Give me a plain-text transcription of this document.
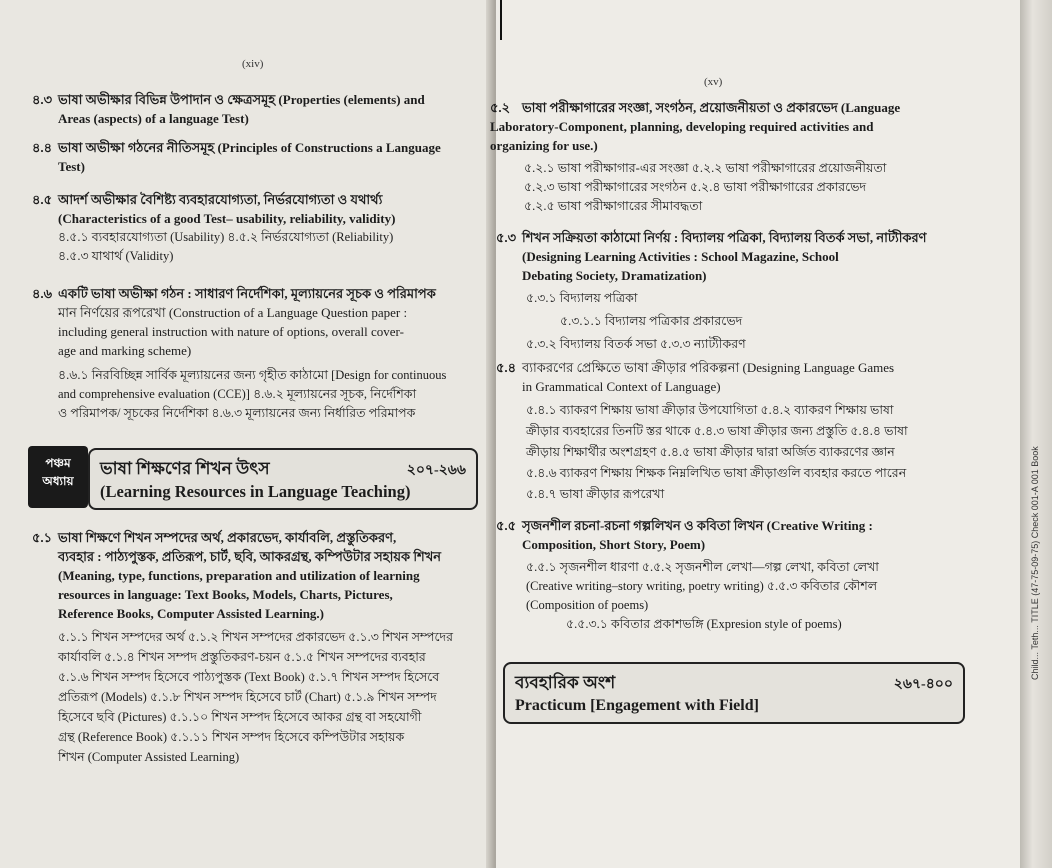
(xiv)
৪.৩ ভাষা অভীক্ষার বিভিন্ন উপাদান ও ক্ষেত্রসমূহ (Properties (elements) and
Areas (aspects) of a language Test)
৪.৪ ভাষা অভীক্ষা গঠনের নীতিসমূহ (Principles of Constructions a Language
Test)
৪.৫ আদর্শ অভীক্ষার বৈশিষ্ট্য ব্যবহারযোগ্যতা, নির্ভরযোগ্যতা ও যথার্থ্য
(Characteristics of a good Test– usability, reliability, validity)
৪.৫.১ ব্যবহারযোগ্যতা (Usability) ৪.৫.২ নির্ভরযোগ্যতা (Reliability)
৪.৫.৩ যাথার্থ (Validity)
৪.৬ একটি ভাষা অভীক্ষা গঠন : সাধারণ নির্দেশিকা, মূল্যায়নের সূচক ও পরিমাপক
মান নির্ণয়ের রূপরেখা (Construction of a Language Question paper :
including general instruction with nature of options, overall cover-
age and marking scheme)
৪.৬.১ নিরবিচ্ছিন্ন সার্বিক মূল্যায়নের জন্য গৃহীত কাঠামো [Design for continuous
and comprehensive evaluation (CCE)] ৪.৬.২ মূল্যায়নের সূচক, নির্দেশিকা
ও পরিমাপক/ সূচকের নির্দেশিকা ৪.৬.৩ মূল্যায়নের জন্য নির্ধারিত পরিমাপক
পঞ্চম
অধ্যায়
ভাষা শিক্ষণের শিখন উৎস	২০৭-২৬৬
(Learning Resources in Language Teaching)
৫.১ ভাষা শিক্ষণে শিখন সম্পদের অর্থ, প্রকারভেদ, কার্যাবলি, প্রস্তুতিকরণ,
ব্যবহার : পাঠ্যপুস্তক, প্রতিরূপ, চার্ট, ছবি, আকরগ্রন্থ, কম্পিউটার সহায়ক শিখন
(Meaning, type, functions, preparation and utilization of learning
resources in language: Text Books, Models, Charts, Pictures,
Reference Books, Computer Assisted Learning.)
৫.১.১ শিখন সম্পদের অর্থ ৫.১.২ শিখন সম্পদের প্রকারভেদ ৫.১.৩ শিখন সম্পদের
কার্যাবলি ৫.১.৪ শিখন সম্পদ প্রস্তুতিকরণ-চয়ন ৫.১.৫ শিখন সম্পদের ব্যবহার
৫.১.৬ শিখন সম্পদ হিসেবে পাঠ্যপুস্তক (Text Book) ৫.১.৭ শিখন সম্পদ হিসেবে
প্রতিরূপ (Models) ৫.১.৮ শিখন সম্পদ হিসেবে চার্ট (Chart) ৫.১.৯ শিখন সম্পদ
হিসেবে ছবি (Pictures) ৫.১.১০ শিখন সম্পদ হিসেবে আকর গ্রন্থ বা সহযোগী
গ্রন্থ (Reference Book) ৫.১.১১ শিখন সম্পদ হিসেবে কম্পিউটার সহায়ক
শিখন (Computer Assisted Learning)
(xv)
৫.২ ভাষা পরীক্ষাগারের সংজ্ঞা, সংগঠন, প্রয়োজনীয়তা ও প্রকারভেদ (Language
Laboratory-Component, planning, developing required activities and
organizing for use.)
৫.২.১ ভাষা পরীক্ষাগার-এর সংজ্ঞা ৫.২.২ ভাষা পরীক্ষাগারের প্রয়োজনীয়তা
৫.২.৩ ভাষা পরীক্ষাগারের সংগঠন ৫.২.৪ ভাষা পরীক্ষাগারের প্রকারভেদ
৫.২.৫ ভাষা পরীক্ষাগারের সীমাবদ্ধতা
৫.৩ শিখন সক্রিয়তা কাঠামো নির্ণয় : বিদ্যালয় পত্রিকা, বিদ্যালয় বিতর্ক সভা, নাট্যীকরণ
(Designing Learning Activities : School Magazine, School
Debating Society, Dramatization)
৫.৩.১ বিদ্যালয় পত্রিকা
৫.৩.১.১ বিদ্যালয় পত্রিকার প্রকারভেদ
৫.৩.২ বিদ্যালয় বিতর্ক সভা ৫.৩.৩ ন্যাট্যীকরণ
৫.৪ ব্যাকরণের প্রেক্ষিতে ভাষা ক্রীড়ার পরিকল্পনা (Designing Language Games
in Grammatical Context of Language)
৫.৪.১ ব্যাকরণ শিক্ষায় ভাষা ক্রীড়ার উপযোগিতা ৫.৪.২ ব্যাকরণ শিক্ষায় ভাষা
ক্রীড়ার ব্যবহারের তিনটি স্তর থাকে ৫.৪.৩ ভাষা ক্রীড়ার জন্য প্রস্তুতি ৫.৪.৪ ভাষা
ক্রীড়ায় শিক্ষার্থীর অংশগ্রহণ ৫.৪.৫ ভাষা ক্রীড়ার দ্বারা অর্জিত ব্যাকরণের জ্ঞান
৫.৪.৬ ব্যাকরণ শিক্ষায় শিক্ষক নিম্নলিখিত ভাষা ক্রীড়াগুলি ব্যবহার করতে পারেন
৫.৪.৭ ভাষা ক্রীড়ার রূপরেখা
৫.৫ সৃজনশীল রচনা-রচনা গল্পলিখন ও কবিতা লিখন (Creative Writing :
Composition, Short Story, Poem)
৫.৫.১ সৃজনশীল ধারণা ৫.৫.২ সৃজনশীল লেখা—গল্প লেখা, কবিতা লেখা
(Creative writing–story writing, poetry writing) ৫.৫.৩ কবিতার কৌশল
(Composition of poems)
৫.৫.৩.১ কবিতার প্রকাশভঙ্গি (Expresion style of poems)
ব্যবহারিক অংশ	২৬৭-৪০০
Practicum [Engagement with Field]
Child... Teth... TITLE (47-75-09-75) Check 001-A 001 Book
